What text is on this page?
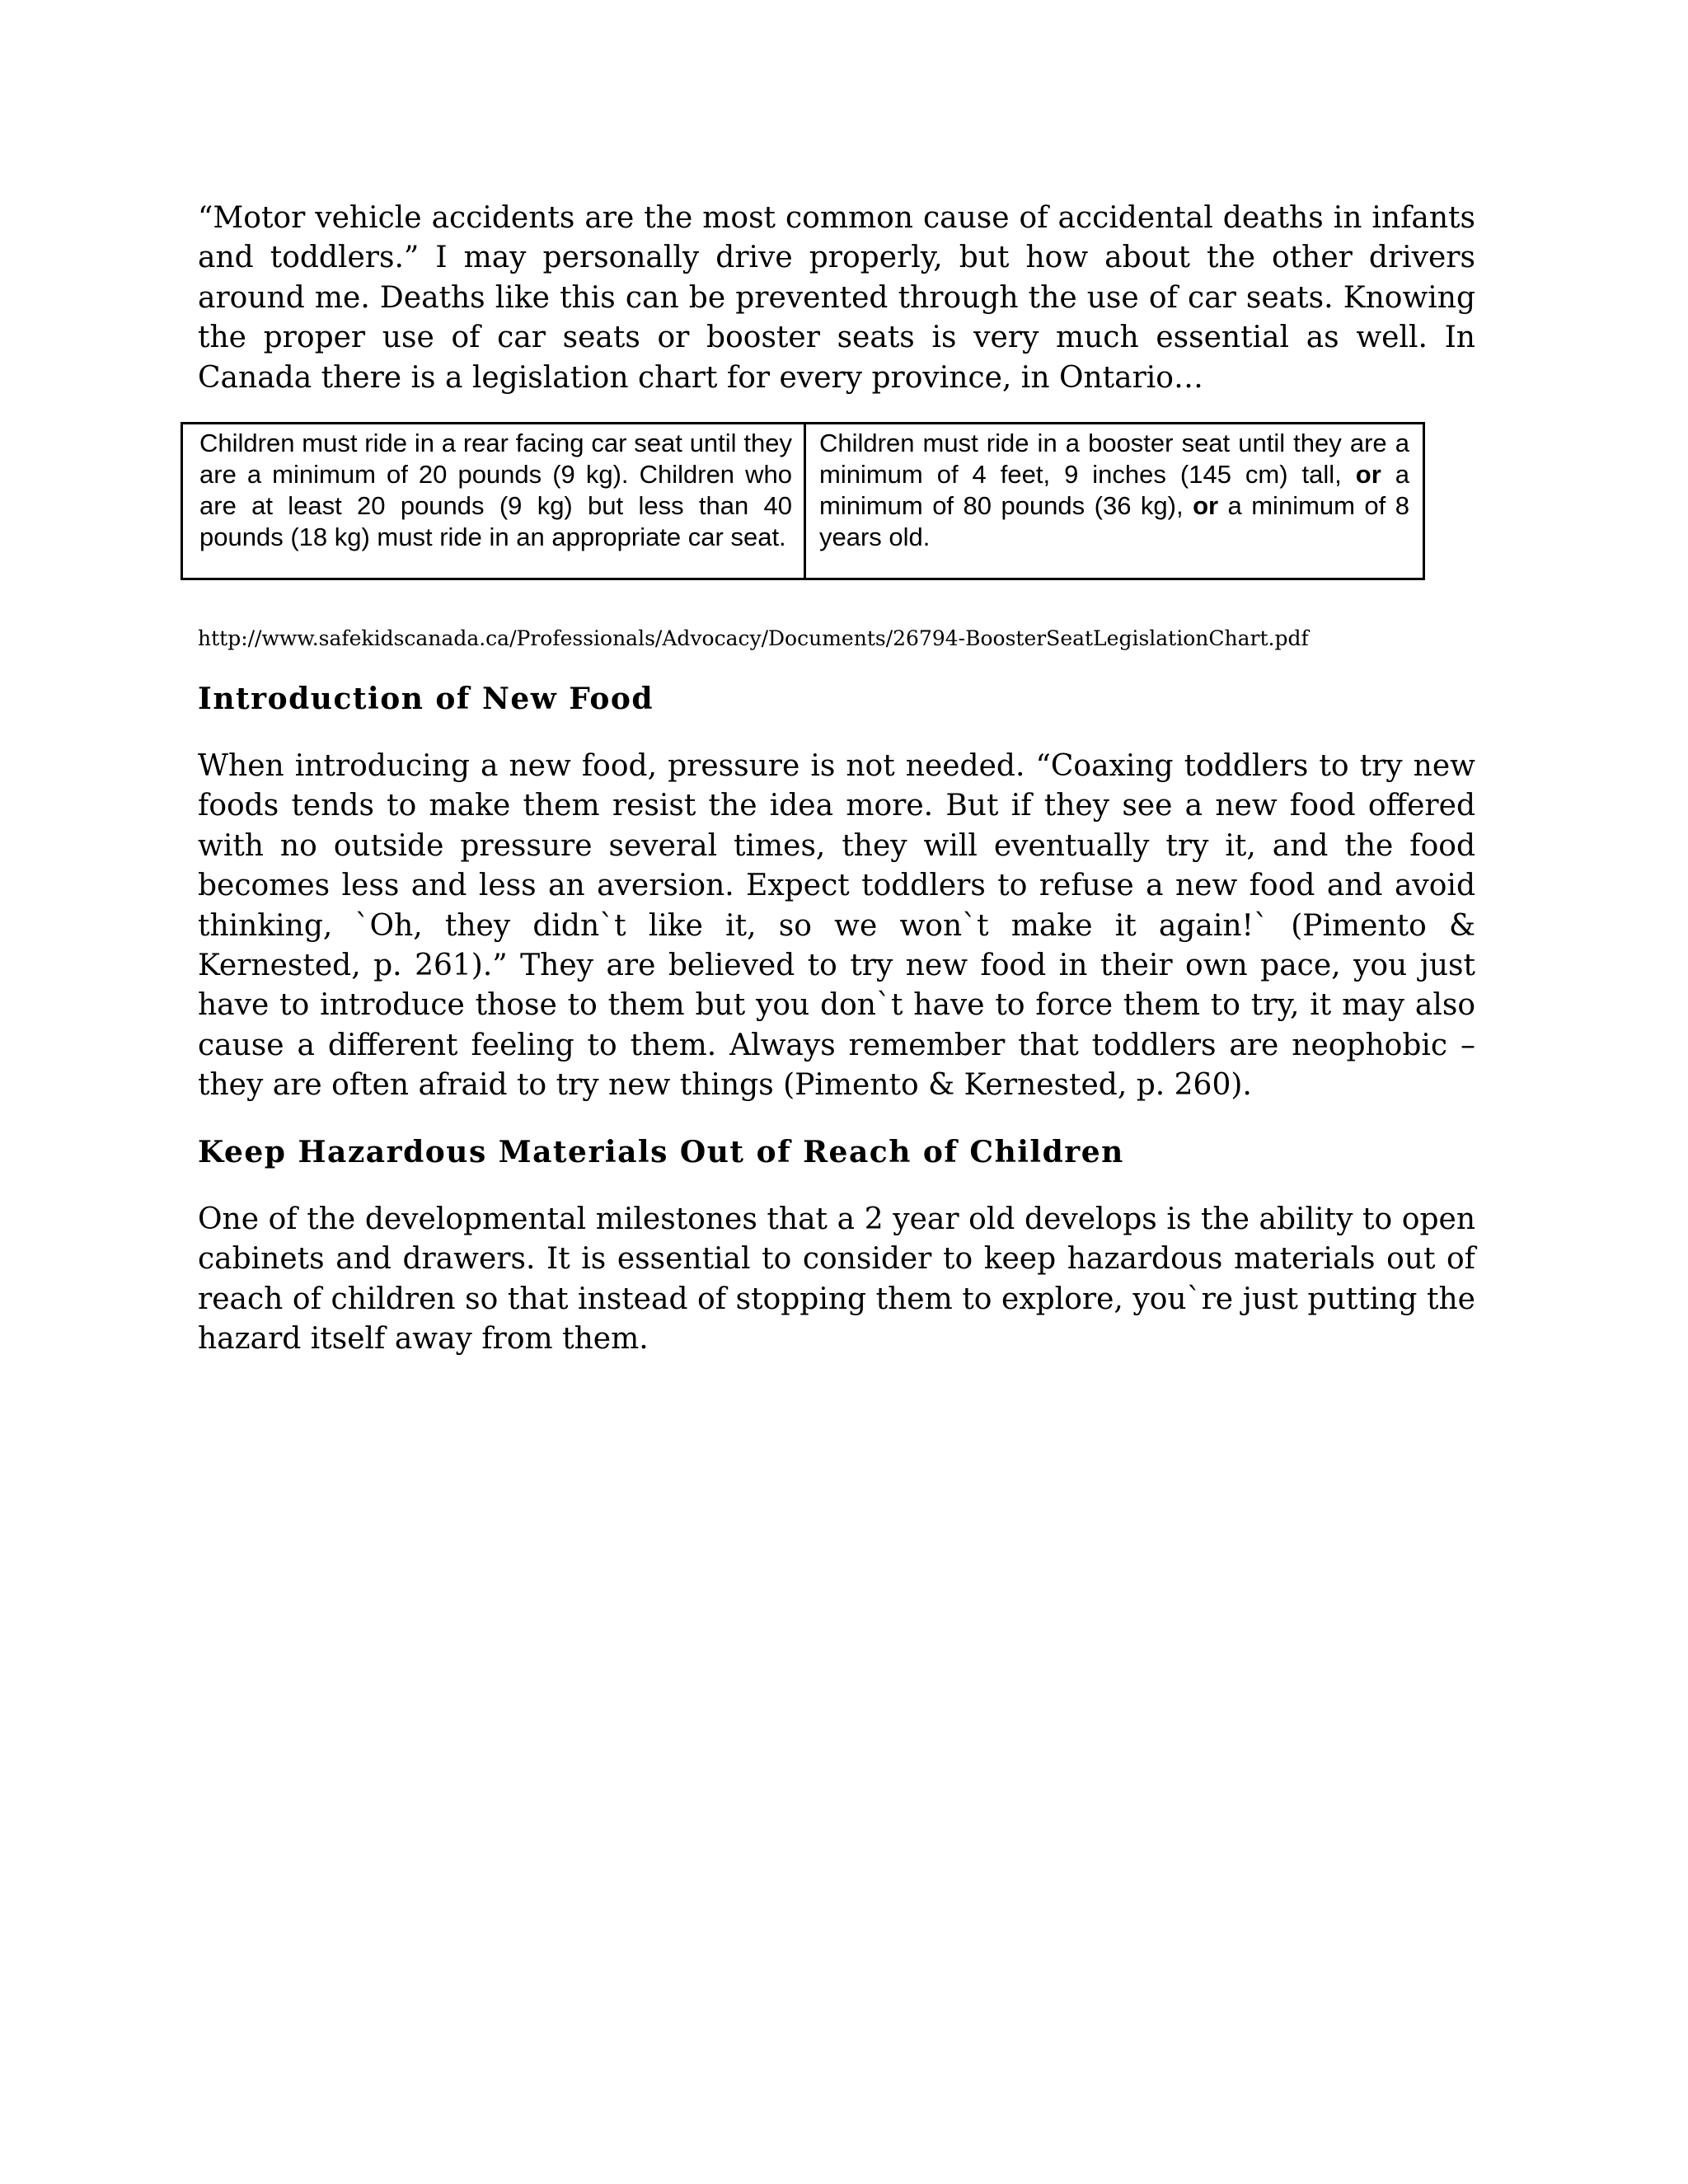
“Motor vehicle accidents are the most common cause of accidental deaths in infants and toddlers.” I may personally drive properly, but how about the other drivers around me. Deaths like this can be prevented through the use of car seats. Knowing the proper use of car seats or booster seats is very much essential as well. In Canada there is a legislation chart for every province, in Ontario…

Children must ride in a rear facing car seat until they are a minimum of 20 pounds (9 kg). Children who are at least 20 pounds (9 kg) but less than 40 pounds (18 kg) must ride in an appropriate car seat.
Children must ride in a booster seat until they are a minimum of 4 feet, 9 inches (145 cm) tall, or a minimum of 80 pounds (36 kg), or a minimum of 8 years old.

http://www.safekidscanada.ca/Professionals/Advocacy/Documents/26794-BoosterSeatLegislationChart.pdf

Introduction of New Food

When introducing a new food, pressure is not needed. “Coaxing toddlers to try new foods tends to make them resist the idea more. But if they see a new food offered with no outside pressure several times, they will eventually try it, and the food becomes less and less an aversion. Expect toddlers to refuse a new food and avoid thinking, `Oh, they didn`t like it, so we won`t make it again!` (Pimento & Kernested, p. 261).” They are believed to try new food in their own pace, you just have to introduce those to them but you don`t have to force them to try, it may also cause a different feeling to them. Always remember that toddlers are neophobic – they are often afraid to try new things (Pimento & Kernested, p. 260).

Keep Hazardous Materials Out of Reach of Children

One of the developmental milestones that a 2 year old develops is the ability to open cabinets and drawers. It is essential to consider to keep hazardous materials out of reach of children so that instead of stopping them to explore, you`re just putting the hazard itself away from them.
